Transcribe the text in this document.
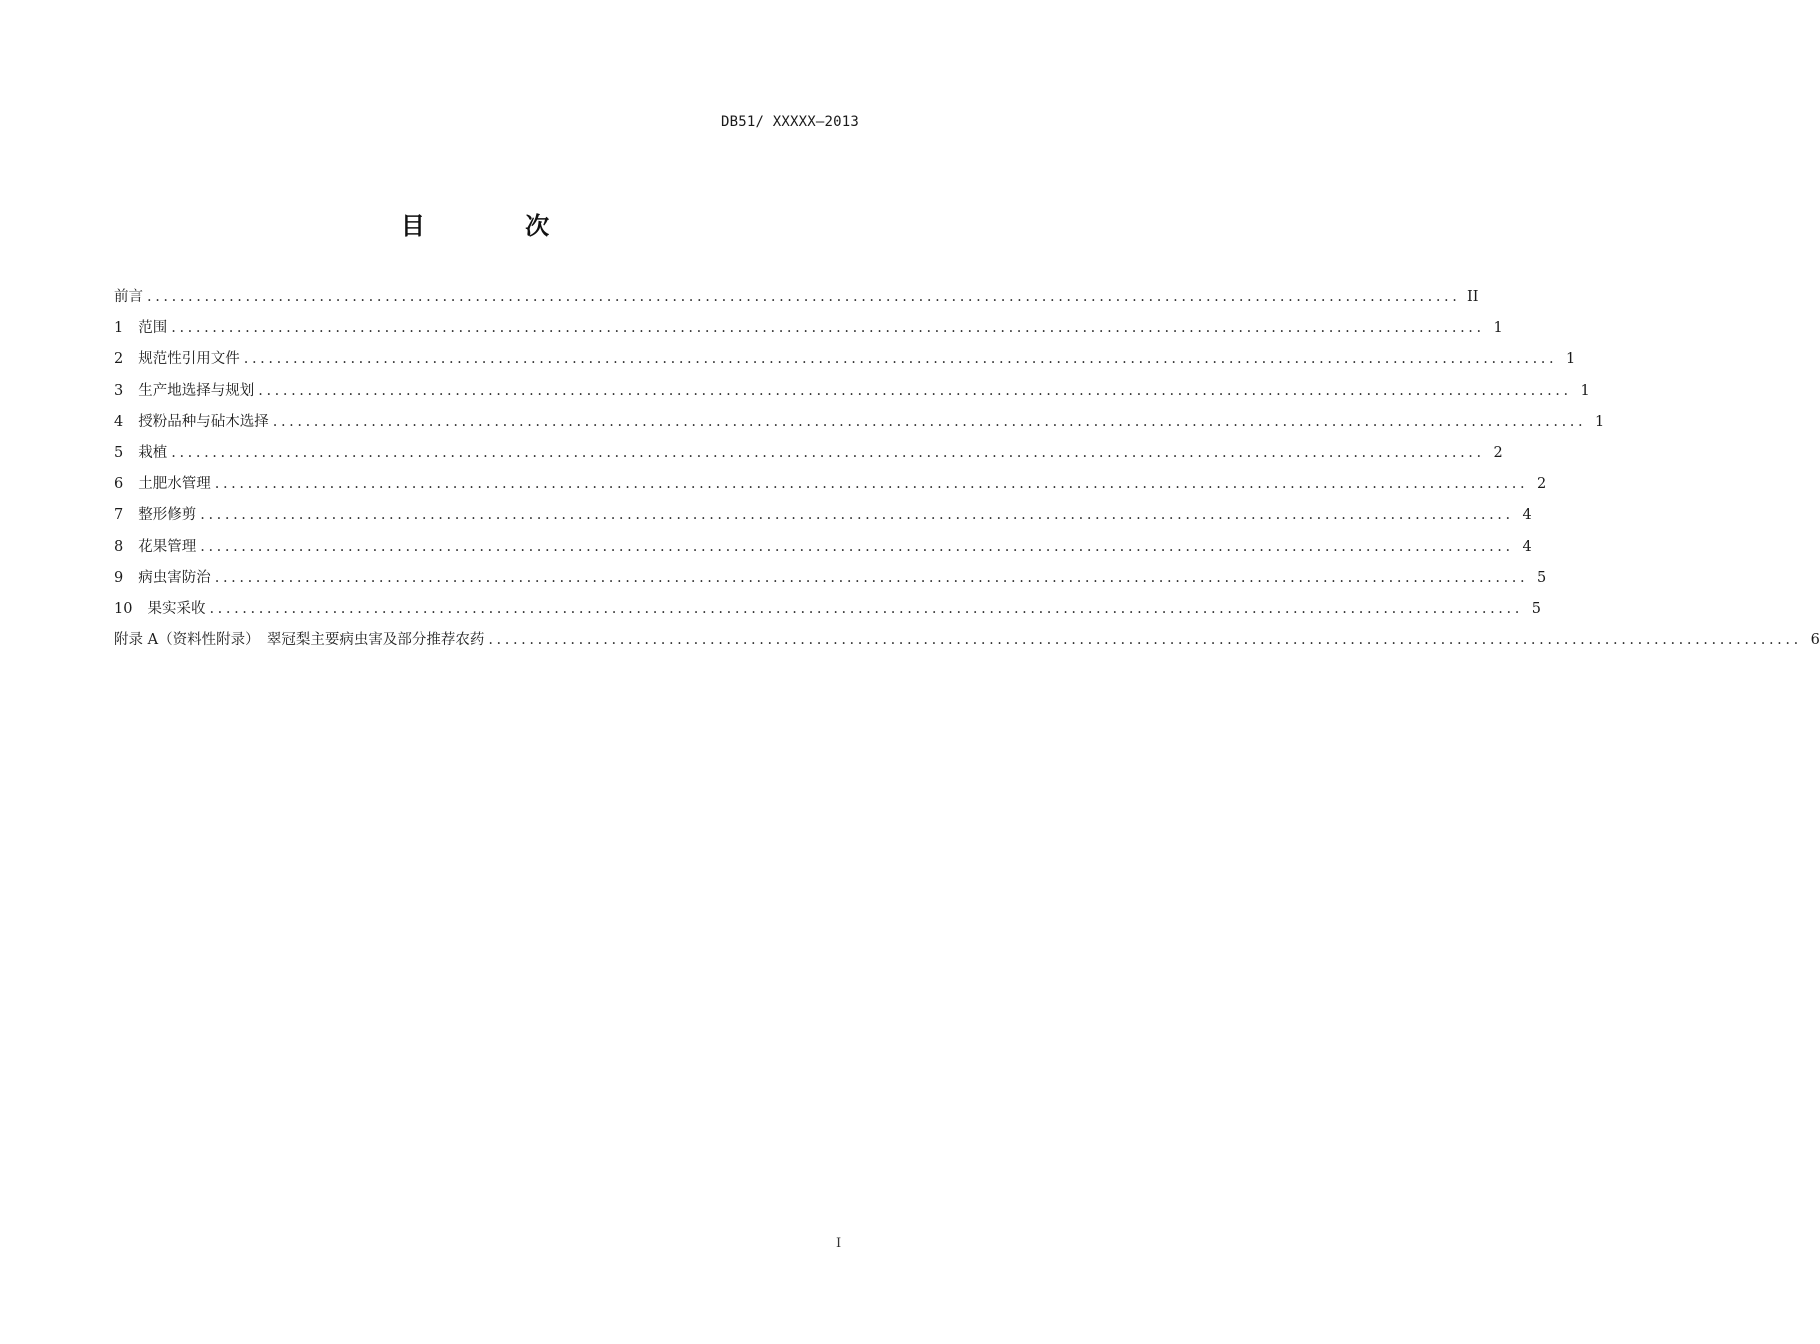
DB51/ XXXXX—2013
目 次
前言 ................................................................................................................................................................ II
1	范围 ................................................................................................................................................................ 1
2	规范性引用文件 ................................................................................................................................................................ 1
3	生产地选择与规划 ................................................................................................................................................................ 1
4	授粉品种与砧木选择 ................................................................................................................................................................ 1
5	栽植 ................................................................................................................................................................ 2
6	土肥水管理 ................................................................................................................................................................ 2
7	整形修剪 ................................................................................................................................................................ 4
8	花果管理 ................................................................................................................................................................ 4
9	病虫害防治 ................................................................................................................................................................ 5
10	果实采收 ................................................................................................................................................................ 5
附录 A（资料性附录）　翠冠梨主要病虫害及部分推荐农药 ................................................................................................................................................................ 6
I
